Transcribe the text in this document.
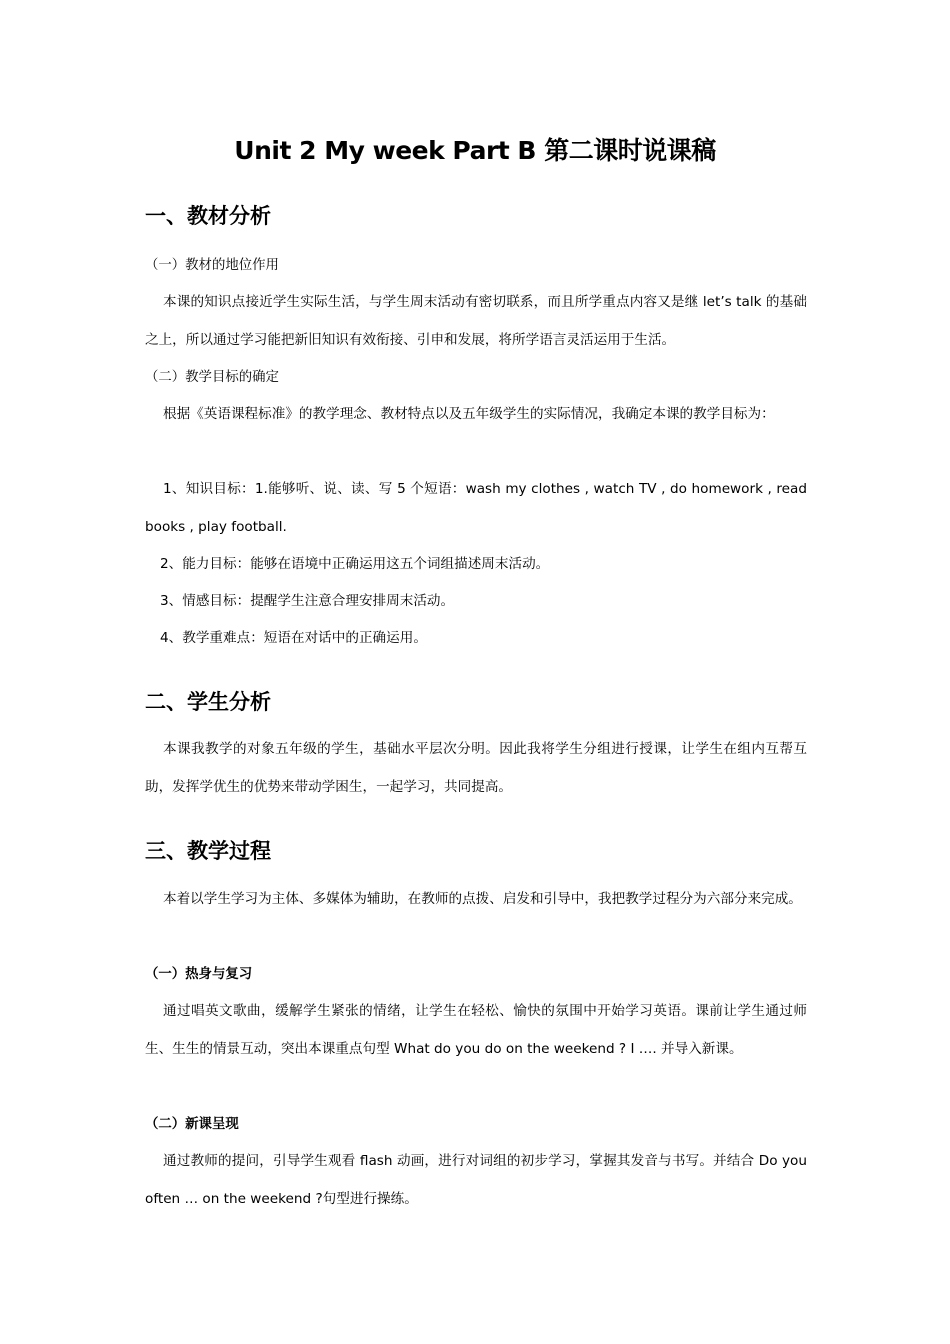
Unit 2 My week Part B 第二课时说课稿
一、教材分析
（一）教材的地位作用

本课的知识点接近学生实际生活，与学生周末活动有密切联系，而且所学重点内容又是继 let’s talk 的基础之上，所以通过学习能把新旧知识有效衔接、引申和发展，将所学语言灵活运用于生活。

（二）教学目标的确定

根据《英语课程标准》的教学理念、教材特点以及五年级学生的实际情况，我确定本课的教学目标为：

1、知识目标：1.能够听、说、读、写 5 个短语：wash my clothes , watch TV , do homework , read books , play football.

2、能力目标：能够在语境中正确运用这五个词组描述周末活动。
3、情感目标：提醒学生注意合理安排周末活动。
4、教学重难点：短语在对话中的正确运用。
二、学生分析

本课我教学的对象五年级的学生，基础水平层次分明。因此我将学生分组进行授课，让学生在组内互帮互助，发挥学优生的优势来带动学困生，一起学习，共同提高。

三、教学过程

本着以学生学习为主体、多媒体为辅助，在教师的点拨、启发和引导中，我把教学过程分为六部分来完成。

（一）热身与复习

通过唱英文歌曲，缓解学生紧张的情绪，让学生在轻松、愉快的氛围中开始学习英语。课前让学生通过师生、生生的情景互动，突出本课重点句型 What do you do on the weekend ? I …. 并导入新课。

（二）新课呈现

通过教师的提问，引导学生观看 flash 动画，进行对词组的初步学习，掌握其发音与书写。并结合 Do you often … on the weekend ?句型进行操练。
